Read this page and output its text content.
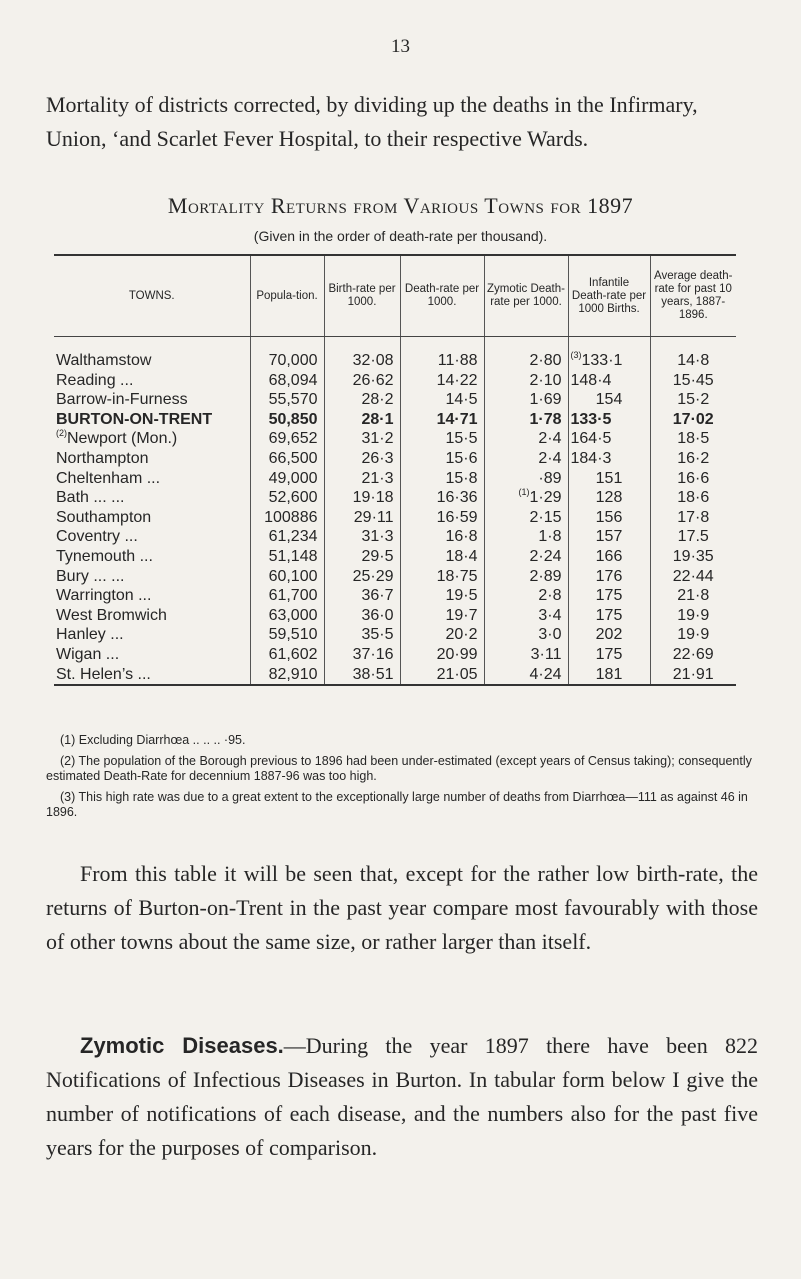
13

Mortality of districts corrected, by dividing up the deaths in the Infirmary, Union, ‘and Scarlet Fever Hospital, to their respective Wards.

Mortality Returns from Various Towns for 1897
(Given in the order of death-rate per thousand).
TOWNS.	Popula-tion.	Birth-rate per 1000.	Death-rate per 1000.	Zymotic Death-rate per 1000.	Infantile Death-rate per 1000 Births.	Average death-rate for past 10 years, 1887-1896.
Walthamstow	70,000	32·08	11·88	2·80	$^{(3)}$133·1	14·8
Reading ...	68,094	26·62	14·22	2·10	148·4	15·45
Barrow-in-Furness	55,570	28·2	14·5	1·69	154	15·2
BURTON-ON-TRENT	50,850	28·1	14·71	1·78	133·5	17·02
$^{(2)}$Newport (Mon.)	69,652	31·2	15·5	2·4	164·5	18·5
Northampton	66,500	26·3	15·6	2·4	184·3	16·2
Cheltenham ...	49,000	21·3	15·8	·89	151	16·6
Bath ... ...	52,600	19·18	16·36	$^{(1)}$1·29	128	18·6
Southampton	100886	29·11	16·59	2·15	156	17·8
Coventry ...	61,234	31·3	16·8	1·8	157	17.5
Tynemouth ...	51,148	29·5	18·4	2·24	166	19·35
Bury ... ...	60,100	25·29	18·75	2·89	176	22·44
Warrington ...	61,700	36·7	19·5	2·8	175	21·8
West Bromwich	63,000	36·0	19·7	3·4	175	19·9
Hanley ...	59,510	35·5	20·2	3·0	202	19·9
Wigan ...	61,602	37·16	20·99	3·11	175	22·69
St. Helen’s ...	82,910	38·51	21·05	4·24	181	21·91

(1) Excluding Diarrhœa .. .. .. ·95.

(2) The population of the Borough previous to 1896 had been under-estimated (except years of Census taking); consequently estimated Death-Rate for decennium 1887-96 was too high.

(3) This high rate was due to a great extent to the exceptionally large number of deaths from Diarrhœa—111 as against 46 in 1896.

From this table it will be seen that, except for the rather low birth-rate, the returns of Burton-on-Trent in the past year compare most favourably with those of other towns about the same size, or rather larger than itself.

Zymotic Diseases.—During the year 1897 there have been 822 Notifications of Infectious Diseases in Burton. In tabular form below I give the number of notifications of each disease, and the numbers also for the past five years for the purposes of comparison.
